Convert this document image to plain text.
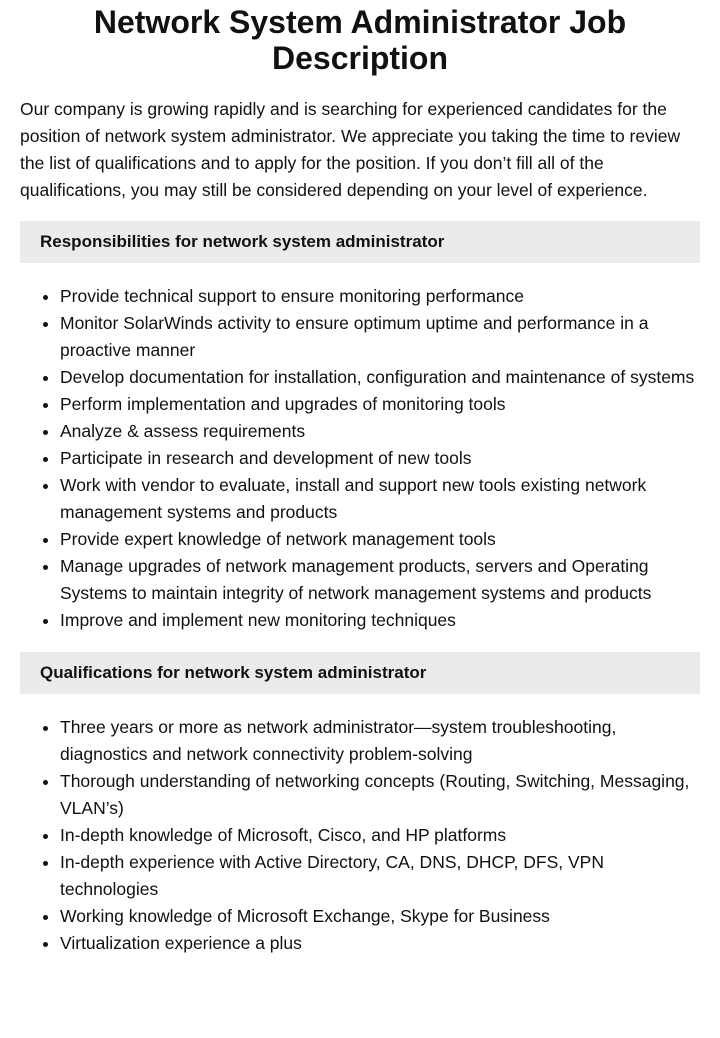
Network System Administrator Job Description

Our company is growing rapidly and is searching for experienced candidates for the position of network system administrator. We appreciate you taking the time to review the list of qualifications and to apply for the position. If you don’t fill all of the qualifications, you may still be considered depending on your level of experience.

Responsibilities for network system administrator
• Provide technical support to ensure monitoring performance
• Monitor SolarWinds activity to ensure optimum uptime and performance in a proactive manner
• Develop documentation for installation, configuration and maintenance of systems
• Perform implementation and upgrades of monitoring tools
• Analyze & assess requirements
• Participate in research and development of new tools
• Work with vendor to evaluate, install and support new tools existing network management systems and products
• Provide expert knowledge of network management tools
• Manage upgrades of network management products, servers and Operating Systems to maintain integrity of network management systems and products
• Improve and implement new monitoring techniques
Qualifications for network system administrator
• Three years or more as network administrator—system troubleshooting, diagnostics and network connectivity problem-solving
• Thorough understanding of networking concepts (Routing, Switching, Messaging, VLAN’s)
• In-depth knowledge of Microsoft, Cisco, and HP platforms
• In-depth experience with Active Directory, CA, DNS, DHCP, DFS, VPN technologies
• Working knowledge of Microsoft Exchange, Skype for Business
• Virtualization experience a plus
